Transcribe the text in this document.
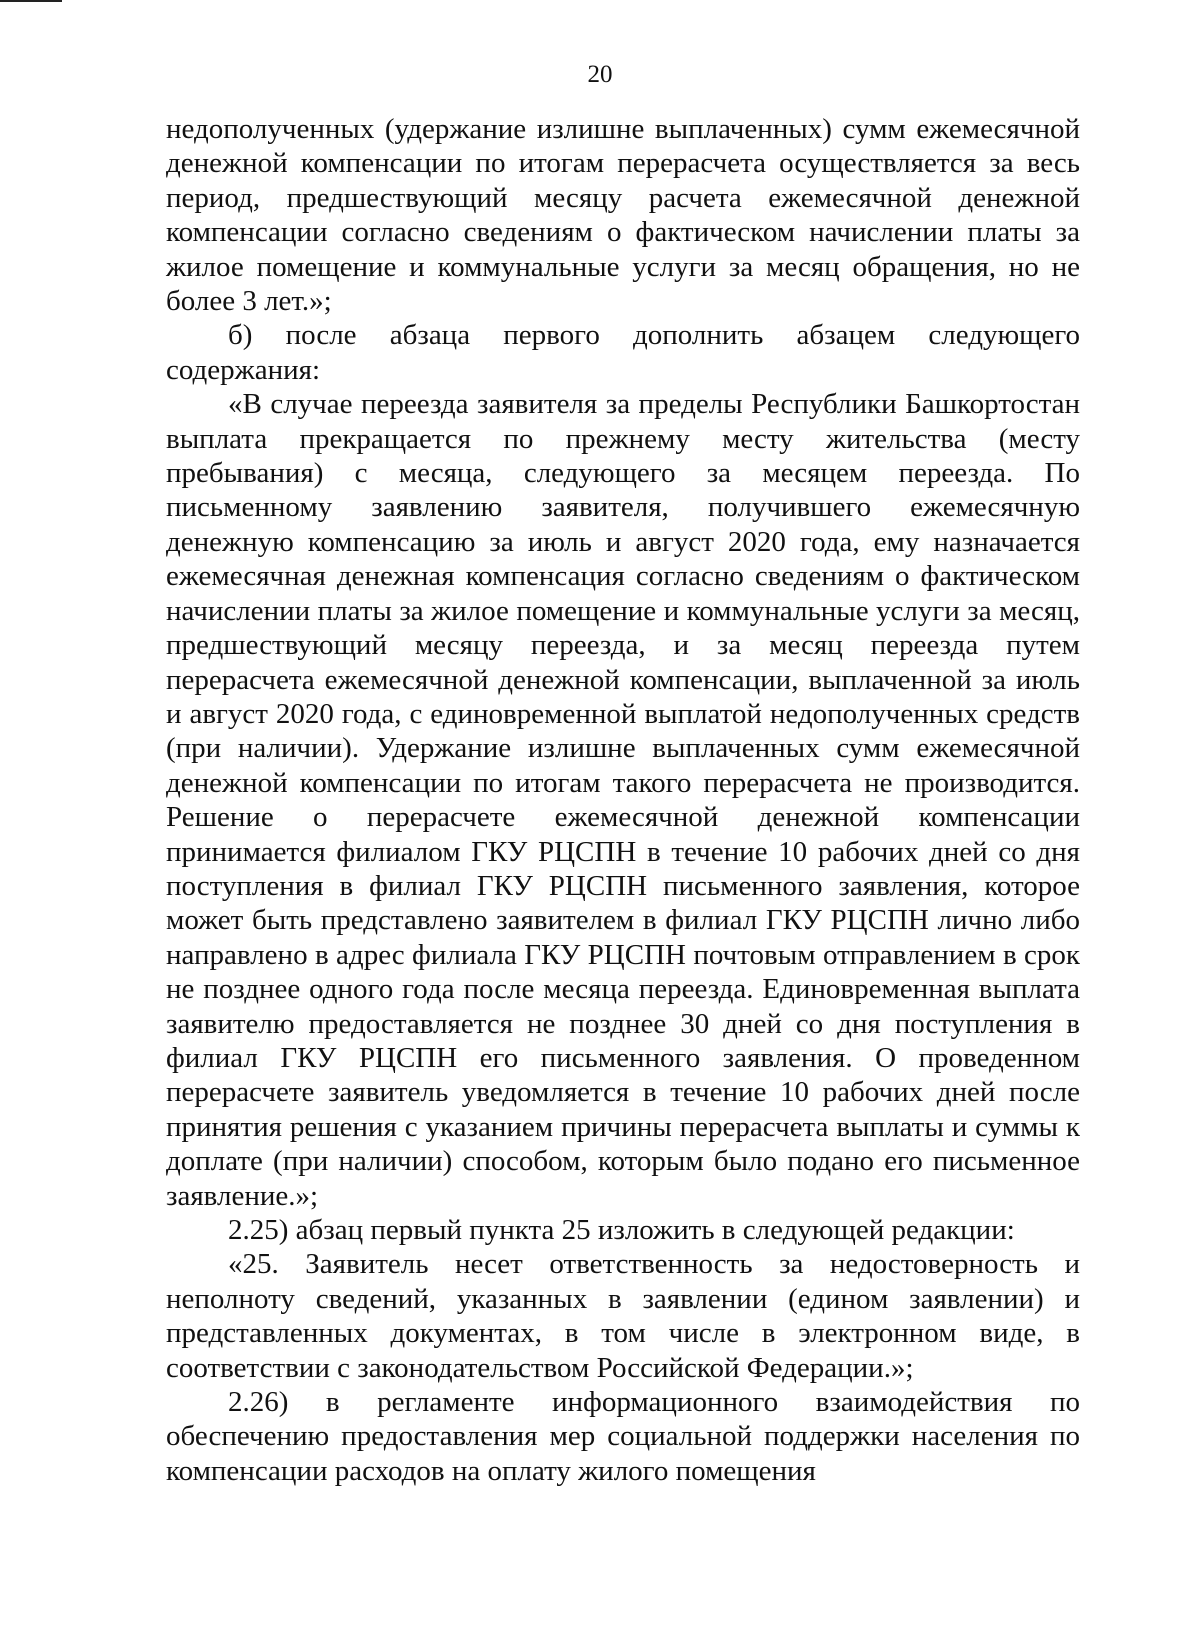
20

недополученных (удержание излишне выплаченных) сумм ежемесячной денежной компенсации по итогам перерасчета осуществляется за весь период, предшествующий месяцу расчета ежемесячной денежной компенсации согласно сведениям о фактическом начислении платы за жилое помещение и коммунальные услуги за месяц обращения, но не более 3 лет.»;

б) после абзаца первого дополнить абзацем следующего содержания:

«В случае переезда заявителя за пределы Республики Башкортостан выплата прекращается по прежнему месту жительства (месту пребывания) с месяца, следующего за месяцем переезда. По письменному заявлению заявителя, получившего ежемесячную денежную компенсацию за июль и август 2020 года, ему назначается ежемесячная денежная компенсация согласно сведениям о фактическом начислении платы за жилое помещение и коммунальные услуги за месяц, предшествующий месяцу переезда, и за месяц переезда путем перерасчета ежемесячной денежной компенсации, выплаченной за июль и август 2020 года, с единовременной выплатой недополученных средств (при наличии). Удержание излишне выплаченных сумм ежемесячной денежной компенсации по итогам такого перерасчета не производится. Решение о перерасчете ежемесячной денежной компенсации принимается филиалом ГКУ РЦСПН в течение 10 рабочих дней со дня поступления в филиал ГКУ РЦСПН письменного заявления, которое может быть представлено заявителем в филиал ГКУ РЦСПН лично либо направлено в адрес филиала ГКУ РЦСПН почтовым отправлением в срок не позднее одного года после месяца переезда. Единовременная выплата заявителю предоставляется не позднее 30 дней со дня поступления в филиал ГКУ РЦСПН его письменного заявления. О проведенном перерасчете заявитель уведомляется в течение 10 рабочих дней после принятия решения с указанием причины перерасчета выплаты и суммы к доплате (при наличии) способом, которым было подано его письменное заявление.»;

2.25) абзац первый пункта 25 изложить в следующей редакции:

«25. Заявитель несет ответственность за недостоверность и неполноту сведений, указанных в заявлении (едином заявлении) и представленных документах, в том числе в электронном виде, в соответствии с законодательством Российской Федерации.»;

2.26) в регламенте информационного взаимодействия по обеспечению предоставления мер социальной поддержки населения по компенсации расходов на оплату жилого помещения
